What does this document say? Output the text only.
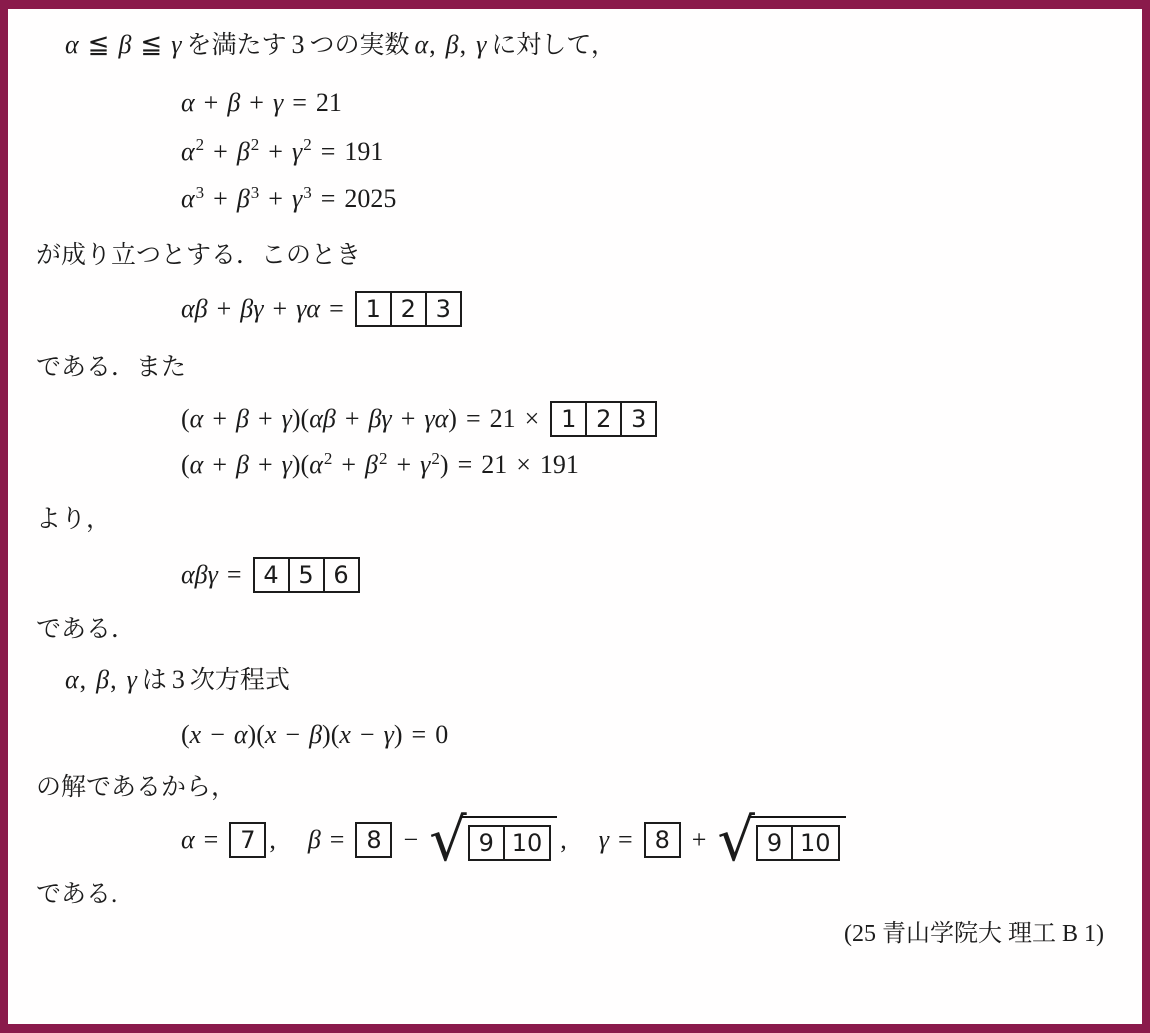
α ≦ β ≦ γ を満たす 3 つの実数 α, β, γ に対して，
α + β + γ = 21
$\alpha^2 + \beta^2 + \gamma^2 = 191$
$\alpha^3 + \beta^3 + \gamma^3 = 2025$
が成り立つとする．このとき
αβ + βγ + γα = 1 2 3
である．また
(α + β + γ)(αβ + βγ + γα) = 21 × 1 2 3
$(\alpha + \beta + \gamma)(\alpha^2 + \beta^2 + \gamma^2) = 21 \times 191$
より，
αβγ = 4 5 6
である．
α, β, γ は 3 次方程式
(x − α)(x − β)(x − γ) = 0
の解であるから，
α = 7 , β = 8 − √ 9 10 , γ = 8 + √ 9 10
である.
(25 青山学院大 理工 B 1)
